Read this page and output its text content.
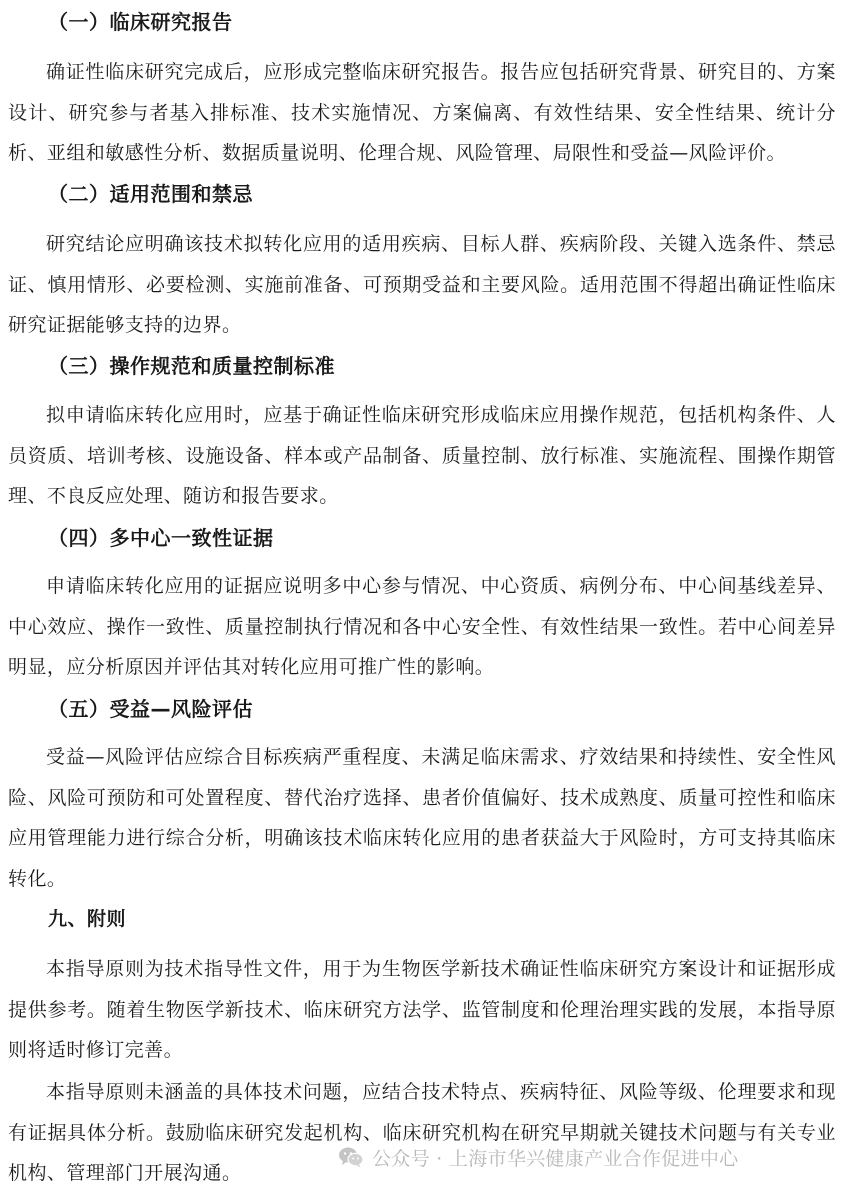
（一）临床研究报告

确证性临床研究完成后，应形成完整临床研究报告。报告应包括研究背景、研究目的、方案设计、研究参与者基入排标准、技术实施情况、方案偏离、有效性结果、安全性结果、统计分析、亚组和敏感性分析、数据质量说明、伦理合规、风险管理、局限性和受益—风险评价。

（二）适用范围和禁忌

研究结论应明确该技术拟转化应用的适用疾病、目标人群、疾病阶段、关键入选条件、禁忌证、慎用情形、必要检测、实施前准备、可预期受益和主要风险。适用范围不得超出确证性临床研究证据能够支持的边界。

（三）操作规范和质量控制标准

拟申请临床转化应用时，应基于确证性临床研究形成临床应用操作规范，包括机构条件、人员资质、培训考核、设施设备、样本或产品制备、质量控制、放行标准、实施流程、围操作期管理、不良反应处理、随访和报告要求。

（四）多中心一致性证据

申请临床转化应用的证据应说明多中心参与情况、中心资质、病例分布、中心间基线差异、中心效应、操作一致性、质量控制执行情况和各中心安全性、有效性结果一致性。若中心间差异明显，应分析原因并评估其对转化应用可推广性的影响。

（五）受益—风险评估

受益—风险评估应综合目标疾病严重程度、未满足临床需求、疗效结果和持续性、安全性风险、风险可预防和可处置程度、替代治疗选择、患者价值偏好、技术成熟度、质量可控性和临床应用管理能力进行综合分析，明确该技术临床转化应用的患者获益大于风险时，方可支持其临床转化。

九、附则

本指导原则为技术指导性文件，用于为生物医学新技术确证性临床研究方案设计和证据形成提供参考。随着生物医学新技术、临床研究方法学、监管制度和伦理治理实践的发展，本指导原则将适时修订完善。

本指导原则未涵盖的具体技术问题，应结合技术特点、疾病特征、风险等级、伦理要求和现有证据具体分析。鼓励临床研究发起机构、临床研究机构在研究早期就关键技术问题与有关专业机构、管理部门开展沟通。

公众号 · 上海市华兴健康产业合作促进中心
